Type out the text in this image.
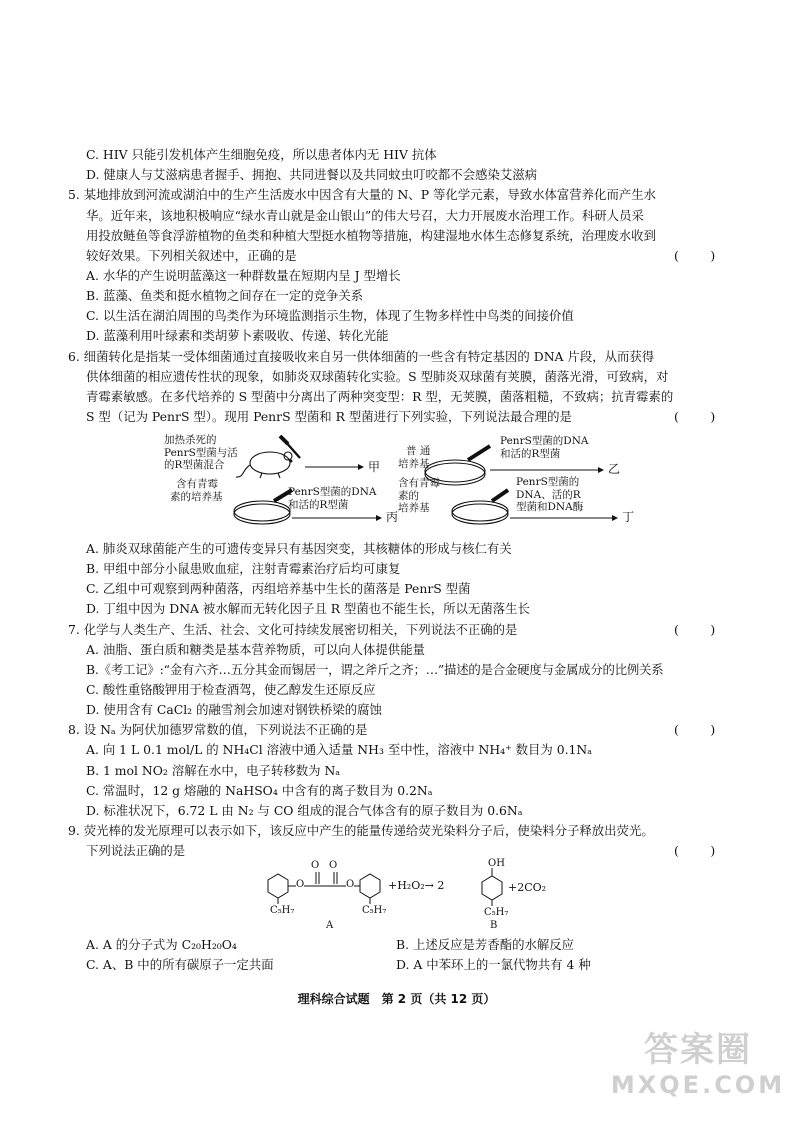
C. HIV 只能引发机体产生细胞免疫，所以患者体内无 HIV 抗体
D. 健康人与艾滋病患者握手、拥抱、共同进餐以及共同蚊虫叮咬都不会感染艾滋病
5. 某地排放到河流或湖泊中的生产生活废水中因含有大量的 N、P 等化学元素，导致水体富营养化而产生水
华。近年来，该地积极响应“绿水青山就是金山银山”的伟大号召，大力开展废水治理工作。科研人员采
用投放鲢鱼等食浮游植物的鱼类和种植大型挺水植物等措施，构建湿地水体生态修复系统，治理废水收到
较好效果。下列相关叙述中，正确的是	(        )
A. 水华的产生说明蓝藻这一种群数量在短期内呈 J 型增长
B. 蓝藻、鱼类和挺水植物之间存在一定的竞争关系
C. 以生活在湖泊周围的鸟类作为环境监测指示生物，体现了生物多样性中鸟类的间接价值
D. 蓝藻利用叶绿素和类胡萝卜素吸收、传递、转化光能
6. 细菌转化是指某一受体细菌通过直接吸收来自另一供体细菌的一些含有特定基因的 DNA 片段，从而获得
供体细菌的相应遗传性状的现象，如肺炎双球菌转化实验。S 型肺炎双球菌有荚膜，菌落光滑，可致病，对
青霉素敏感。在多代培养的 S 型菌中分离出了两种突变型：R 型，无荚膜，菌落粗糙，不致病；抗青霉素的
S 型（记为 PenrS 型）。现用 PenrS 型菌和 R 型菌进行下列实验，下列说法最合理的是	(        )
加热杀死的
PenrS型菌与活
的R型菌混合	甲
普 通
培养基
PenrS型菌的DNA
和活的R型菌
乙
含有青霉
素的培养基	PenrS型菌的DNA
和活的R型菌
丙
含有青霉
素的
培养基
PenrS型菌的
DNA、活的R
型菌和DNA酶
丁
A. 肺炎双球菌能产生的可遗传变异只有基因突变，其核糖体的形成与核仁有关
B. 甲组中部分小鼠患败血症，注射青霉素治疗后均可康复
C. 乙组中可观察到两种菌落，丙组培养基中生长的菌落是 PenrS 型菌
D. 丁组中因为 DNA 被水解而无转化因子且 R 型菌也不能生长，所以无菌落生长
7. 化学与人类生产、生活、社会、文化可持续发展密切相关，下列说法不正确的是	(        )
A. 油脂、蛋白质和糖类是基本营养物质，可以向人体提供能量
B.《考工记》:“金有六齐…五分其金而锡居一，谓之斧斤之齐；…”描述的是合金硬度与金属成分的比例关系
C. 酸性重铬酸钾用于检查酒驾，使乙醇发生还原反应
D. 使用含有 CaCl₂ 的融雪剂会加速对钢铁桥梁的腐蚀
8. 设 Nₐ 为阿伏加德罗常数的值，下列说法不正确的是	(        )
A. 向 1 L 0.1 mol/L 的 NH₄Cl 溶液中通入适量 NH₃ 至中性，溶液中 NH₄⁺ 数目为 0.1Nₐ
B. 1 mol NO₂ 溶解在水中，电子转移数为 Nₐ
C. 常温时，12 g 熔融的 NaHSO₄ 中含有的离子数目为 0.2Nₐ
D. 标准状况下，6.72 L 由 N₂ 与 CO 组成的混合气体含有的原子数目为 0.6Nₐ
9. 荧光棒的发光原理可以表示如下，该反应中产生的能量传递给荧光染料分子后，使染料分子释放出荧光。
下列说法正确的是	(        )
O O
O	O
C₅H₇	C₅H₇
+H₂O₂→ 2
OH
C₅H₇
+2CO₂
A	B
A. A 的分子式为 C₂₀H₂₀O₄	B. 上述反应是芳香酯的水解反应
C. A、B 中的所有碳原子一定共面	D. A 中苯环上的一氯代物共有 4 种
理科综合试题　第 2 页（共 12 页）
答案圈
MXQE.COM
